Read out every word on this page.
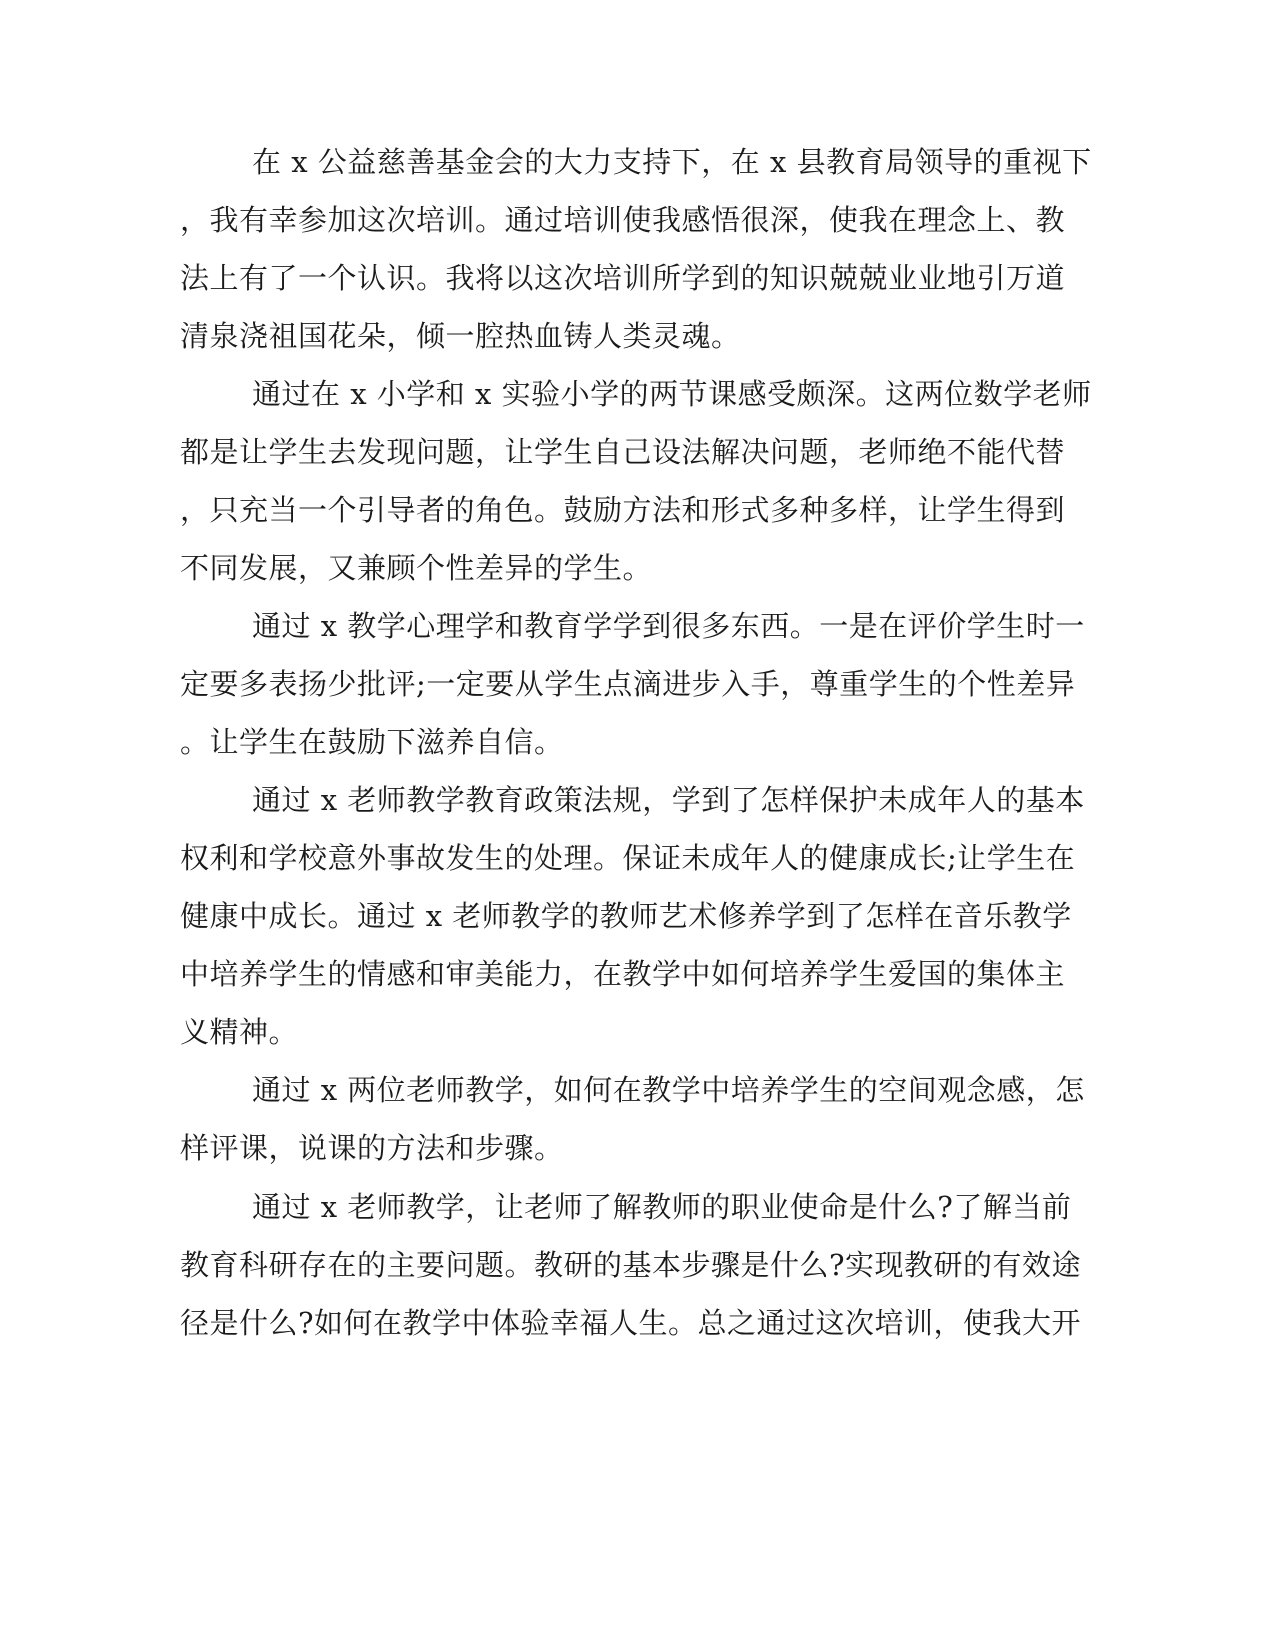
在 x 公益慈善基金会的大力支持下，在 x 县教育局领导的重视下
，我有幸参加这次培训。通过培训使我感悟很深，使我在理念上、教
法上有了一个认识。我将以这次培训所学到的知识兢兢业业地引万道
清泉浇祖国花朵，倾一腔热血铸人类灵魂。
通过在 x 小学和 x 实验小学的两节课感受颇深。这两位数学老师
都是让学生去发现问题，让学生自己设法解决问题，老师绝不能代替
，只充当一个引导者的角色。鼓励方法和形式多种多样，让学生得到
不同发展，又兼顾个性差异的学生。
通过 x 教学心理学和教育学学到很多东西。一是在评价学生时一
定要多表扬少批评;一定要从学生点滴进步入手，尊重学生的个性差异
。让学生在鼓励下滋养自信。
通过 x 老师教学教育政策法规，学到了怎样保护未成年人的基本
权利和学校意外事故发生的处理。保证未成年人的健康成长;让学生在
健康中成长。通过 x 老师教学的教师艺术修养学到了怎样在音乐教学
中培养学生的情感和审美能力，在教学中如何培养学生爱国的集体主
义精神。
通过 x 两位老师教学，如何在教学中培养学生的空间观念感，怎
样评课，说课的方法和步骤。
通过 x 老师教学，让老师了解教师的职业使命是什么?了解当前
教育科研存在的主要问题。教研的基本步骤是什么?实现教研的有效途
径是什么?如何在教学中体验幸福人生。总之通过这次培训，使我大开
